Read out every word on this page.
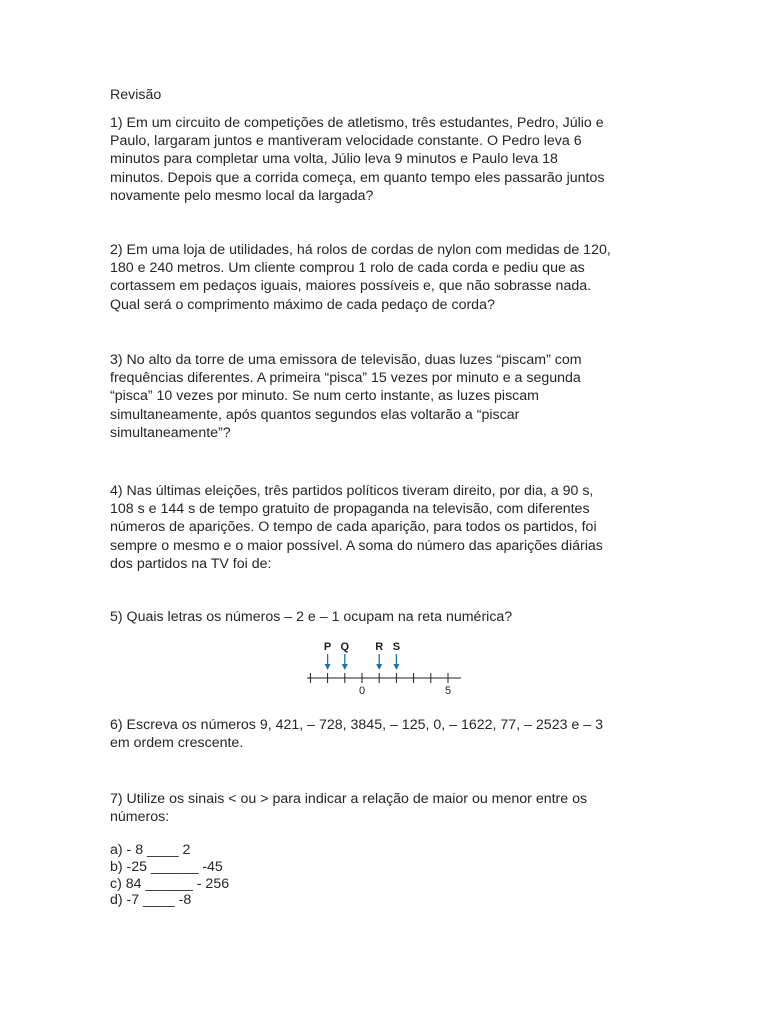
Revisão

1) Em um circuito de competições de atletismo, três estudantes, Pedro, Júlio e
Paulo, largaram juntos e mantiveram velocidade constante. O Pedro leva 6
minutos para completar uma volta, Júlio leva 9 minutos e Paulo leva 18
minutos. Depois que a corrida começa, em quanto tempo eles passarão juntos
novamente pelo mesmo local da largada?

2) Em uma loja de utilidades, há rolos de cordas de nylon com medidas de 120,
180 e 240 metros. Um cliente comprou 1 rolo de cada corda e pediu que as
cortassem em pedaços iguais, maiores possíveis e, que não sobrasse nada.
Qual será o comprimento máximo de cada pedaço de corda?

3) No alto da torre de uma emissora de televisão, duas luzes “piscam” com
frequências diferentes. A primeira “pisca” 15 vezes por minuto e a segunda
“pisca” 10 vezes por minuto. Se num certo instante, as luzes piscam
simultaneamente, após quantos segundos elas voltarão a “piscar
simultaneamente”?

4) Nas últimas eleições, três partidos políticos tiveram direito, por dia, a 90 s,
108 s e 144 s de tempo gratuito de propaganda na televisão, com diferentes
números de aparições. O tempo de cada aparição, para todos os partidos, foi
sempre o mesmo e o maior possível. A soma do número das aparições diárias
dos partidos na TV foi de:

5) Quais letras os números – 2 e – 1 ocupam na reta numérica?

P Q R S
0	5

6) Escreva os números 9, 421, – 728, 3845, – 125, 0, – 1622, 77, – 2523 e – 3
em ordem crescente.

7) Utilize os sinais < ou > para indicar a relação de maior ou menor entre os
números:

a) - 8 ____ 2
b) -25 ______ -45
c) 84 ______ - 256
d) -7 ____ -8
